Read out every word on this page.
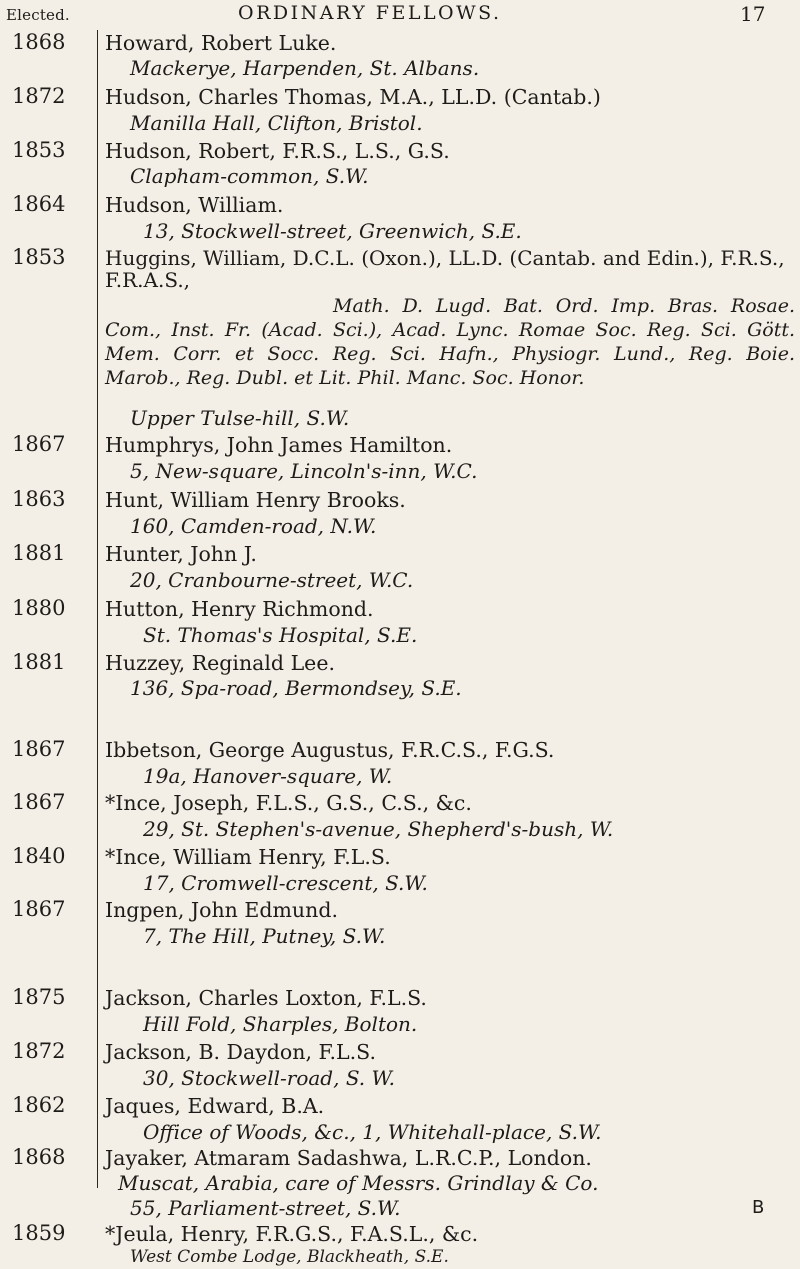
Elected.	ORDINARY FELLOWS.	17
1868 Howard, Robert Luke.
Mackerye, Harpenden, St. Albans.
1872 Hudson, Charles Thomas, M.A., LL.D. (Cantab.)
Manilla Hall, Clifton, Bristol.
1853 Hudson, Robert, F.R.S., L.S., G.S.
Clapham-common, S.W.
1864 Hudson, William.
13, Stockwell-street, Greenwich, S.E.
1853 Huggins, William, D.C.L. (Oxon.), LL.D. (Cantab. and Edin.), F.R.S., F.R.A.S.,
Math. D. Lugd. Bat. Ord. Imp. Bras. Rosae. Com., Inst. Fr. (Acad. Sci.), Acad. Lync. Romae Soc. Reg. Sci. Gött. Mem. Corr. et Socc. Reg. Sci. Hafn., Physiogr. Lund., Reg. Boie. Marob., Reg. Dubl. et Lit. Phil. Manc. Soc. Honor.
Upper Tulse-hill, S.W.
1867 Humphrys, John James Hamilton.
5, New-square, Lincoln's-inn, W.C.
1863 Hunt, William Henry Brooks.
160, Camden-road, N.W.
1881 Hunter, John J.
20, Cranbourne-street, W.C.
1880 Hutton, Henry Richmond.
St. Thomas's Hospital, S.E.
1881 Huzzey, Reginald Lee.
136, Spa-road, Bermondsey, S.E.
1867 Ibbetson, George Augustus, F.R.C.S., F.G.S.
19a, Hanover-square, W.
1867 *Ince, Joseph, F.L.S., G.S., C.S., &c.
29, St. Stephen's-avenue, Shepherd's-bush, W.
1840 *Ince, William Henry, F.L.S.
17, Cromwell-crescent, S.W.
1867 Ingpen, John Edmund.
7, The Hill, Putney, S.W.
1875 Jackson, Charles Loxton, F.L.S.
Hill Fold, Sharples, Bolton.
1872 Jackson, B. Daydon, F.L.S.
30, Stockwell-road, S. W.
1862 Jaques, Edward, B.A.
Office of Woods, &c., 1, Whitehall-place, S.W.
1868 Jayaker, Atmaram Sadashwa, L.R.C.P., London.
Muscat, Arabia, care of Messrs. Grindlay & Co.
55, Parliament-street, S.W.
1859 *Jeula, Henry, F.R.G.S., F.A.S.L., &c.
West Combe Lodge, Blackheath, S.E.
B
